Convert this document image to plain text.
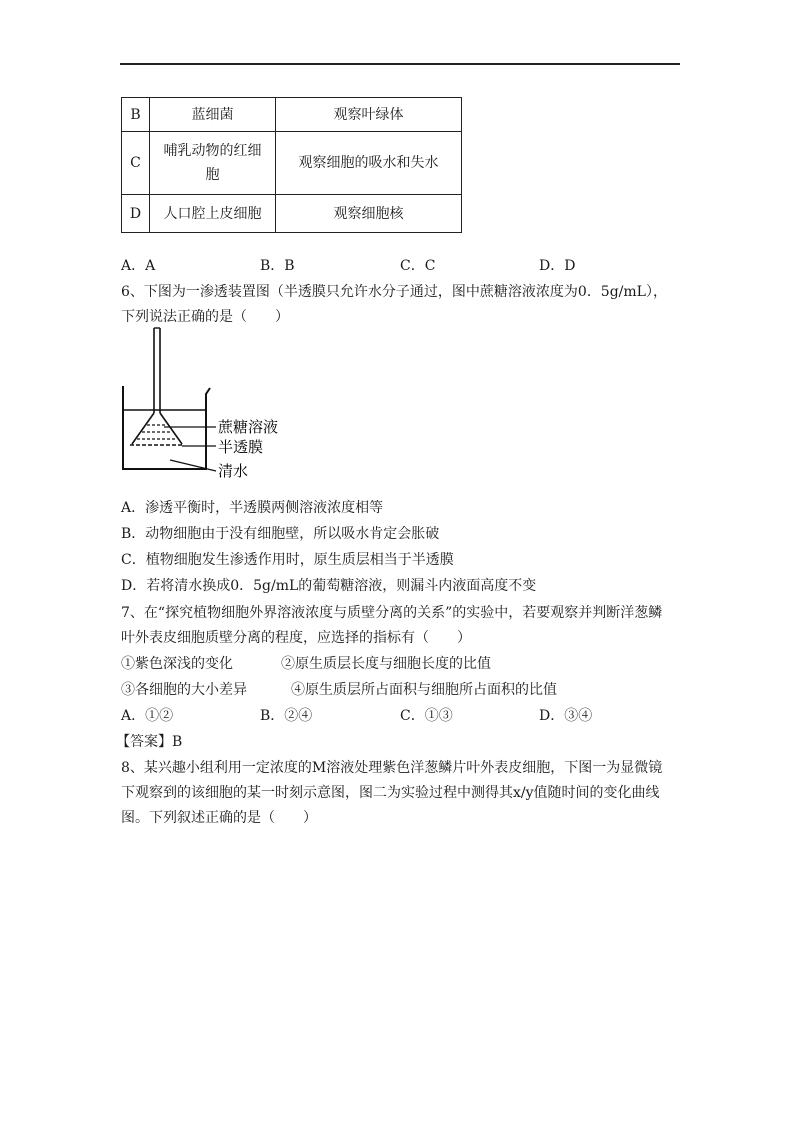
B	蓝细菌	观察叶绿体
C	哺乳动物的红细胞	观察细胞的吸水和失水
D	人口腔上皮细胞	观察细胞核
A．A	B．B	C．C	D．D
6、下图为一渗透装置图（半透膜只允许水分子通过，图中蔗糖溶液浓度为0．5g/mL），
下列说法正确的是（　　）
蔗糖溶液
半透膜
清水
A．渗透平衡时，半透膜两侧溶液浓度相等
B．动物细胞由于没有细胞壁，所以吸水肯定会胀破
C．植物细胞发生渗透作用时，原生质层相当于半透膜
D．若将清水换成0．5g/mL的葡萄糖溶液，则漏斗内液面高度不变
7、在“探究植物细胞外界溶液浓度与质壁分离的关系”的实验中，若要观察并判断洋葱鳞
叶外表皮细胞质壁分离的程度，应选择的指标有（　　）
①紫色深浅的变化	②原生质层长度与细胞长度的比值
③各细胞的大小差异	④原生质层所占面积与细胞所占面积的比值
A．①②	B．②④	C．①③	D．③④
【答案】B
8、某兴趣小组利用一定浓度的M溶液处理紫色洋葱鳞片叶外表皮细胞，下图一为显微镜
下观察到的该细胞的某一时刻示意图，图二为实验过程中测得其x/y值随时间的变化曲线
图。下列叙述正确的是（　　）
